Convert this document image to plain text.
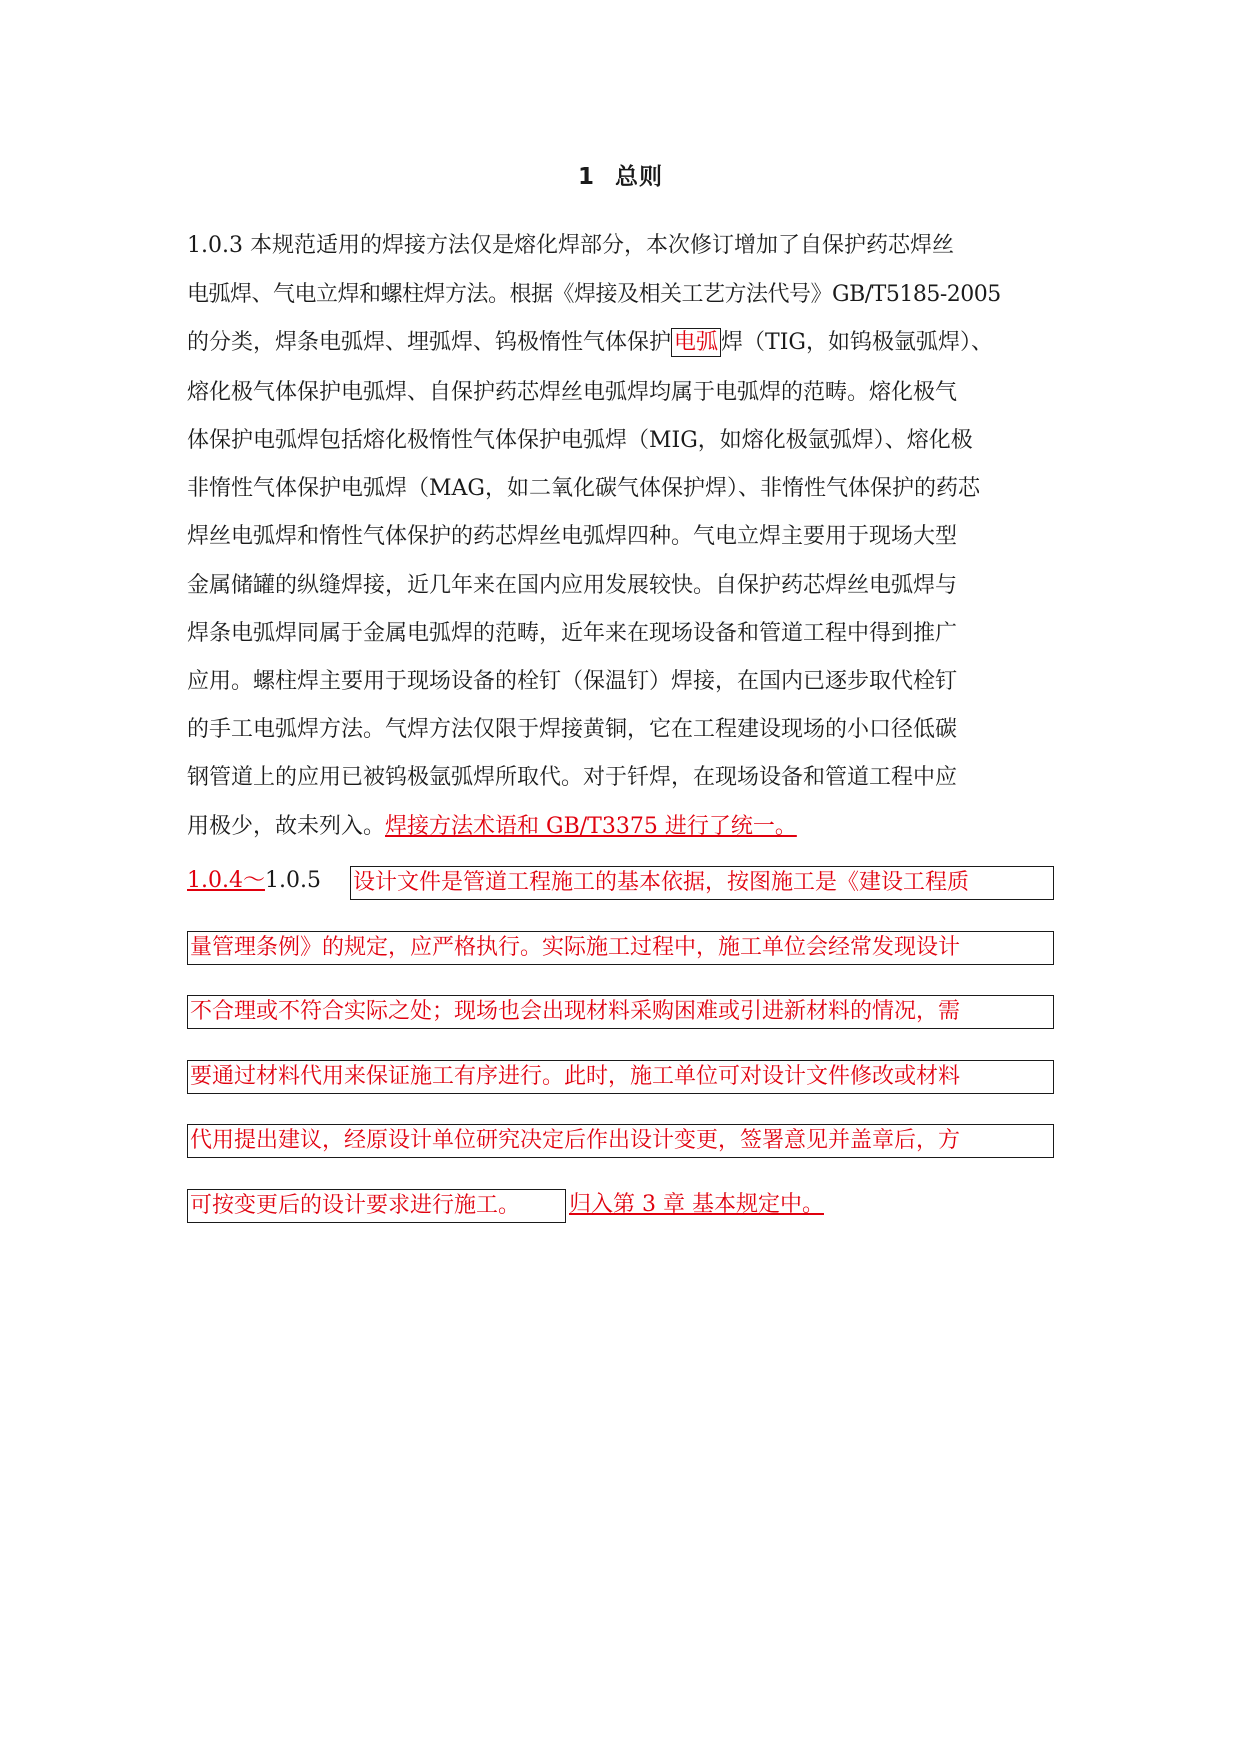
1 总则
1.0.3 本规范适用的焊接方法仅是熔化焊部分，本次修订增加了自保护药芯焊丝
电弧焊、气电立焊和螺柱焊方法。根据《焊接及相关工艺方法代号》GB/T5185-2005
的分类，焊条电弧焊、埋弧焊、钨极惰性气体保护 电弧 焊（TIG，如钨极氩弧焊）、
熔化极气体保护电弧焊、自保护药芯焊丝电弧焊均属于电弧焊的范畴。熔化极气
体保护电弧焊包括熔化极惰性气体保护电弧焊（MIG，如熔化极氩弧焊）、熔化极
非惰性气体保护电弧焊（MAG，如二氧化碳气体保护焊）、非惰性气体保护的药芯
焊丝电弧焊和惰性气体保护的药芯焊丝电弧焊四种。气电立焊主要用于现场大型
金属储罐的纵缝焊接，近几年来在国内应用发展较快。自保护药芯焊丝电弧焊与
焊条电弧焊同属于金属电弧焊的范畴，近年来在现场设备和管道工程中得到推广
应用。螺柱焊主要用于现场设备的栓钉（保温钉）焊接，在国内已逐步取代栓钉
的手工电弧焊方法。气焊方法仅限于焊接黄铜，它在工程建设现场的小口径低碳
钢管道上的应用已被钨极氩弧焊所取代。对于钎焊，在现场设备和管道工程中应
用极少，故未列入。焊接方法术语和 GB/T3375 进行了统一。
1.0.4～1.0.5 设计文件是管道工程施工的基本依据，按图施工是《建设工程质
量管理条例》的规定，应严格执行。实际施工过程中，施工单位会经常发现设计
不合理或不符合实际之处；现场也会出现材料采购困难或引进新材料的情况，需
要通过材料代用来保证施工有序进行。此时，施工单位可对设计文件修改或材料
代用提出建议，经原设计单位研究决定后作出设计变更，签署意见并盖章后，方
可按变更后的设计要求进行施工。	归入第 3 章 基本规定中。
